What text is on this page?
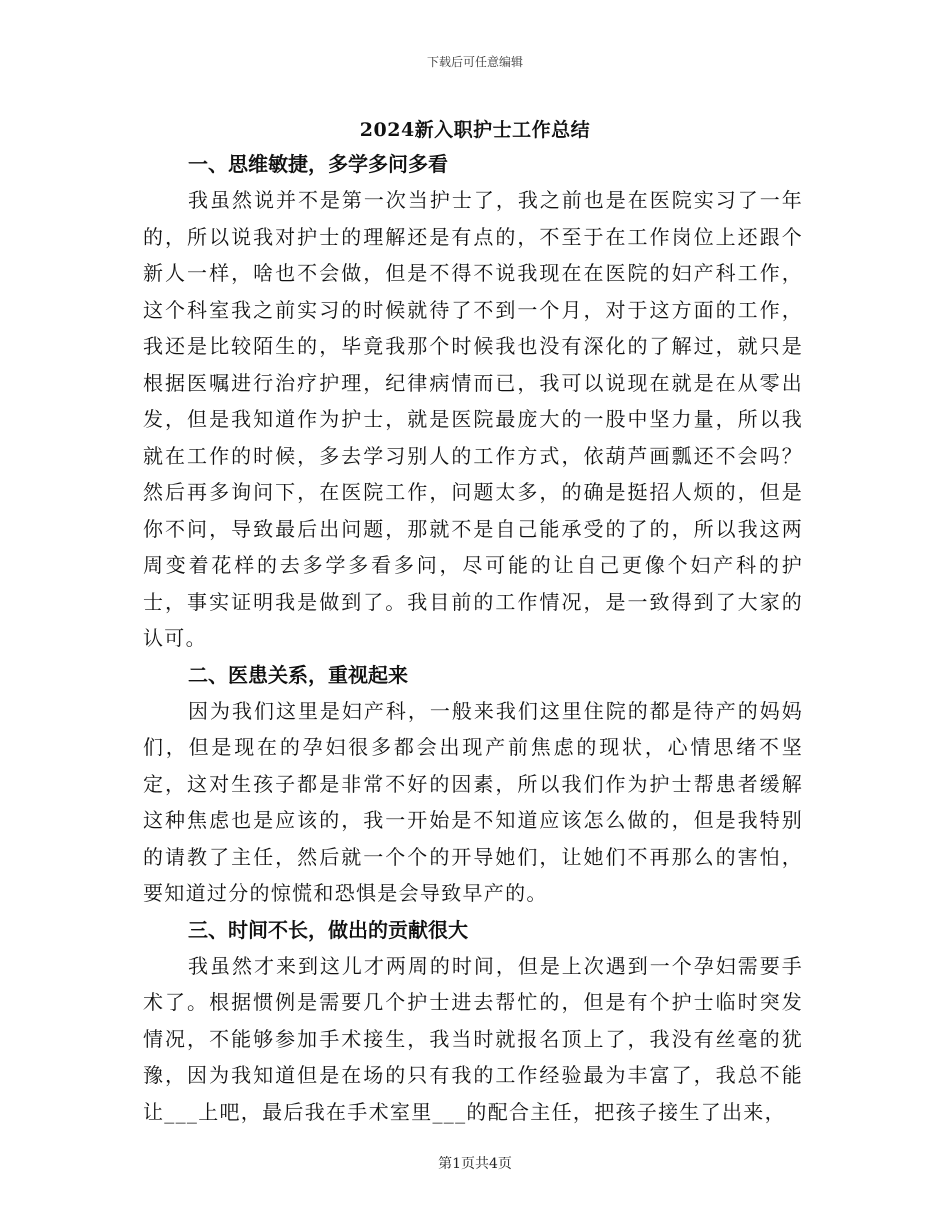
下载后可任意编辑
2024新入职护士工作总结
一、思维敏捷，多学多问多看

我虽然说并不是第一次当护士了，我之前也是在医院实习了一年的，所以说我对护士的理解还是有点的，不至于在工作岗位上还跟个新人一样，啥也不会做，但是不得不说我现在在医院的妇产科工作，这个科室我之前实习的时候就待了不到一个月，对于这方面的工作，我还是比较陌生的，毕竟我那个时候我也没有深化的了解过，就只是根据医嘱进行治疗护理，纪律病情而已，我可以说现在就是在从零出发，但是我知道作为护士，就是医院最庞大的一股中坚力量，所以我就在工作的时候，多去学习别人的工作方式，依葫芦画瓢还不会吗？然后再多询问下，在医院工作，问题太多，的确是挺招人烦的，但是你不问，导致最后出问题，那就不是自己能承受的了的，所以我这两周变着花样的去多学多看多问，尽可能的让自己更像个妇产科的护士，事实证明我是做到了。我目前的工作情况，是一致得到了大家的认可。

二、医患关系，重视起来

因为我们这里是妇产科，一般来我们这里住院的都是待产的妈妈们，但是现在的孕妇很多都会出现产前焦虑的现状，心情思绪不坚定，这对生孩子都是非常不好的因素，所以我们作为护士帮患者缓解这种焦虑也是应该的，我一开始是不知道应该怎么做的，但是我特别的请教了主任，然后就一个个的开导她们，让她们不再那么的害怕，要知道过分的惊慌和恐惧是会导致早产的。

三、时间不长，做出的贡献很大

我虽然才来到这儿才两周的时间，但是上次遇到一个孕妇需要手术了。根据惯例是需要几个护士进去帮忙的，但是有个护士临时突发情况，不能够参加手术接生，我当时就报名顶上了，我没有丝毫的犹豫，因为我知道但是在场的只有我的工作经验最为丰富了，我总不能让___上吧，最后我在手术室里___的配合主任，把孩子接生了出来，

第1页共4页
